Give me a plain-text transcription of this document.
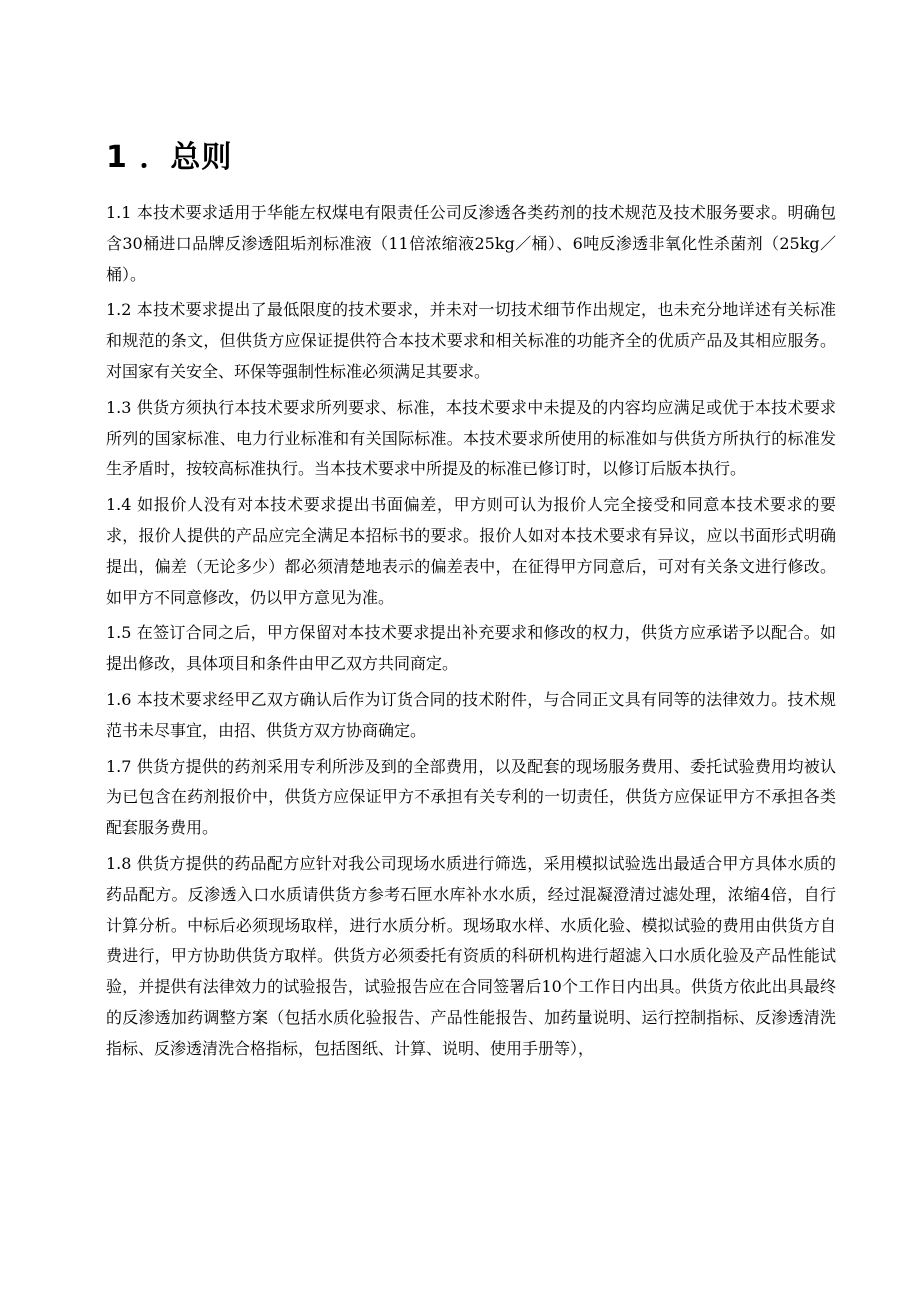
1 ．总则

1.1 本技术要求适用于华能左权煤电有限责任公司反渗透各类药剂的技术规范及技术服务要求。明确包含30桶进口品牌反渗透阻垢剂标准液（11倍浓缩液25kg／桶）、6吨反渗透非氧化性杀菌剂（25kg／桶）。

1.2 本技术要求提出了最低限度的技术要求，并未对一切技术细节作出规定，也未充分地详述有关标准和规范的条文，但供货方应保证提供符合本技术要求和相关标准的功能齐全的优质产品及其相应服务。对国家有关安全、环保等强制性标准必须满足其要求。

1.3 供货方须执行本技术要求所列要求、标准，本技术要求中未提及的内容均应满足或优于本技术要求所列的国家标准、电力行业标准和有关国际标准。本技术要求所使用的标准如与供货方所执行的标准发生矛盾时，按较高标准执行。当本技术要求中所提及的标准已修订时，以修订后版本执行。

1.4 如报价人没有对本技术要求提出书面偏差，甲方则可认为报价人完全接受和同意本技术要求的要求，报价人提供的产品应完全满足本招标书的要求。报价人如对本技术要求有异议，应以书面形式明确提出，偏差（无论多少）都必须清楚地表示的偏差表中，在征得甲方同意后，可对有关条文进行修改。如甲方不同意修改，仍以甲方意见为准。

1.5 在签订合同之后，甲方保留对本技术要求提出补充要求和修改的权力，供货方应承诺予以配合。如提出修改，具体项目和条件由甲乙双方共同商定。

1.6 本技术要求经甲乙双方确认后作为订货合同的技术附件，与合同正文具有同等的法律效力。技术规范书未尽事宜，由招、供货方双方协商确定。

1.7 供货方提供的药剂采用专利所涉及到的全部费用，以及配套的现场服务费用、委托试验费用均被认为已包含在药剂报价中，供货方应保证甲方不承担有关专利的一切责任，供货方应保证甲方不承担各类配套服务费用。

1.8 供货方提供的药品配方应针对我公司现场水质进行筛选，采用模拟试验选出最适合甲方具体水质的药品配方。反渗透入口水质请供货方参考石匣水库补水水质，经过混凝澄清过滤处理，浓缩4倍，自行计算分析。中标后必须现场取样，进行水质分析。现场取水样、水质化验、模拟试验的费用由供货方自费进行，甲方协助供货方取样。供货方必须委托有资质的科研机构进行超滤入口水质化验及产品性能试验，并提供有法律效力的试验报告，试验报告应在合同签署后10个工作日内出具。供货方依此出具最终的反渗透加药调整方案（包括水质化验报告、产品性能报告、加药量说明、运行控制指标、反渗透清洗指标、反渗透清洗合格指标，包括图纸、计算、说明、使用手册等），
